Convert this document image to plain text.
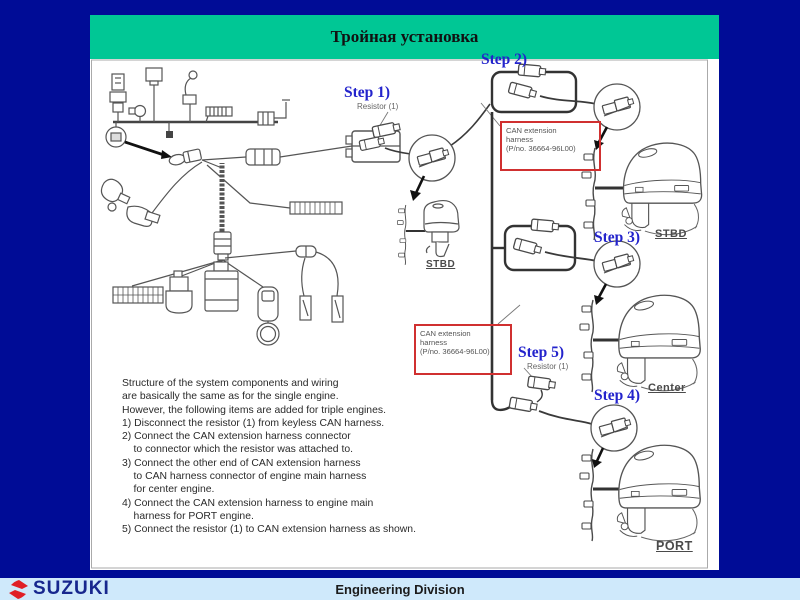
Тройная установка
Step 1)
Resistor (1)
Step 2)
Step 3)
Step 4)
Step 5)
Resistor (1)
STBD
STBD
Center
PORT
CAN extension
harness
(P/no. 36664-96L00)
CAN extension
harness
(P/no. 36664-96L00)
Structure of the system components and wiring
are basically the same as for the single engine.
However, the following items are added for triple engines.
1) Disconnect the resistor (1) from keyless CAN harness.
2) Connect the CAN extension harness connector
to connector which the resistor was attached to.
3) Connect the other end of CAN extension harness
to CAN harness connector of engine main harness
for center engine.
4) Connect the CAN extension harness to engine main
harness for PORT engine.
5) Connect the resistor (1) to CAN extension harness as shown.
Engineering Division
SUZUKI
